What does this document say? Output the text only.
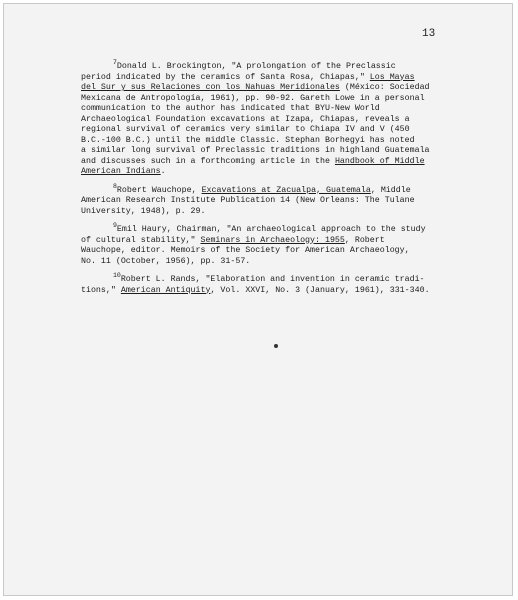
13
$^7$Donald L. Brockington, "A prolongation of the Preclassic
period indicated by the ceramics of Santa Rosa, Chiapas," Los Mayas
del Sur y sus Relaciones con los Nahuas Meridionales (México: Sociedad
Mexicana de Antropología, 1961), pp. 90-92. Gareth Lowe in a personal
communication to the author has indicated that BYU-New World
Archaeological Foundation excavations at Izapa, Chiapas, reveals a
regional survival of ceramics very similar to Chiapa IV and V (450
B.C.-100 B.C.) until the middle Classic. Stephan Borhegyi has noted
a similar long survival of Preclassic traditions in highland Guatemala
and discusses such in a forthcoming article in the Handbook of Middle
American Indians.
$^8$Robert Wauchope, Excavations at Zacualpa, Guatemala, Middle
American Research Institute Publication 14 (New Orleans: The Tulane
University, 1948), p. 29.
$^9$Emil Haury, Chairman, "An archaeological approach to the study
of cultural stability," Seminars in Archaeology: 1955, Robert
Wauchope, editor. Memoirs of the Society for American Archaeology,
No. 11 (October, 1956), pp. 31-57.
$^{10}$Robert L. Rands, "Elaboration and invention in ceramic tradi-
tions," American Antiquity, Vol. XXVI, No. 3 (January, 1961), 331-340.
